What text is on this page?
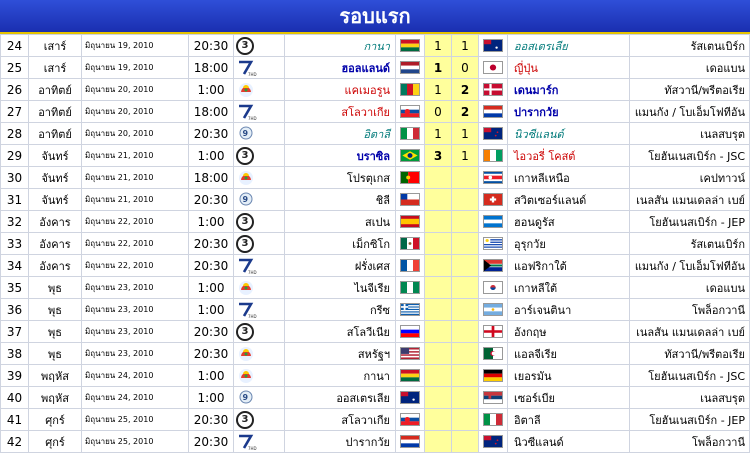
รอบแรก
24	เสาร์	มิถุนายน 19, 2010	20:30	3	กานา		1	1		ออสเตรเลีย	รัสเตนเบิร์ก
25	เสาร์	มิถุนายน 19, 2010	18:00	7HD	ฮอลแลนด์		1	0		ญี่ปุ่น	เดอแบน
26	อาทิตย์	มิถุนายน 20, 2010	1:00		แคเมอรูน		1	2		เดนมาร์ก	ทัสวานี/พรีตอเรีย
27	อาทิตย์	มิถุนายน 20, 2010	18:00	7HD	สโลวาเกีย		0	2		ปารากวัย	แมนกัง / โบเอ็มโฟทีอัน
28	อาทิตย์	มิถุนายน 20, 2010	20:30	9	อิตาลี		1	1		นิวซีแลนด์	เนลสบรุต
29	จันทร์	มิถุนายน 21, 2010	1:00	3	บราซิล		3	1		ไอวอรี่ โคสต์	โยฮันเนสเบิร์ก - JSC
30	จันทร์	มิถุนายน 21, 2010	18:00		โปรตุเกส					เกาหลีเหนือ	เคปทาวน์
31	จันทร์	มิถุนายน 21, 2010	20:30	9	ชิลี					สวิตเซอร์แลนด์	เนลสัน แมนเดลล่า เบย์
32	อังคาร	มิถุนายน 22, 2010	1:00	3	สเปน					ฮอนดูรัส	โยฮันเนสเบิร์ก - JEP
33	อังคาร	มิถุนายน 22, 2010	20:30	3	เม็กซิโก					อุรุกวัย	รัสเตนเบิร์ก
34	อังคาร	มิถุนายน 22, 2010	20:30	7HD	ฝรั่งเศส					แอฟริกาใต้	แมนกัง / โบเอ็มโฟทีอัน
35	พุธ	มิถุนายน 23, 2010	1:00		ไนจีเรีย					เกาหลีใต้	เดอแบน
36	พุธ	มิถุนายน 23, 2010	1:00	7HD	กรีซ					อาร์เจนตินา	โพล็อกวานี
37	พุธ	มิถุนายน 23, 2010	20:30	3	สโลวีเนีย					อังกฤษ	เนลสัน แมนเดลล่า เบย์
38	พุธ	มิถุนายน 23, 2010	20:30		สหรัฐฯ					แอลจีเรีย	ทัสวานี/พรีตอเรีย
39	พฤหัส	มิถุนายน 24, 2010	1:00		กานา					เยอรมัน	โยฮันเนสเบิร์ก - JSC
40	พฤหัส	มิถุนายน 24, 2010	1:00	9	ออสเตรเลีย					เซอร์เบีย	เนลสบรุต
41	ศุกร์	มิถุนายน 25, 2010	20:30	3	สโลวาเกีย					อิตาลี	โยฮันเนสเบิร์ก - JEP
42	ศุกร์	มิถุนายน 25, 2010	20:30	7HD	ปารากวัย					นิวซีแลนด์	โพล็อกวานี
